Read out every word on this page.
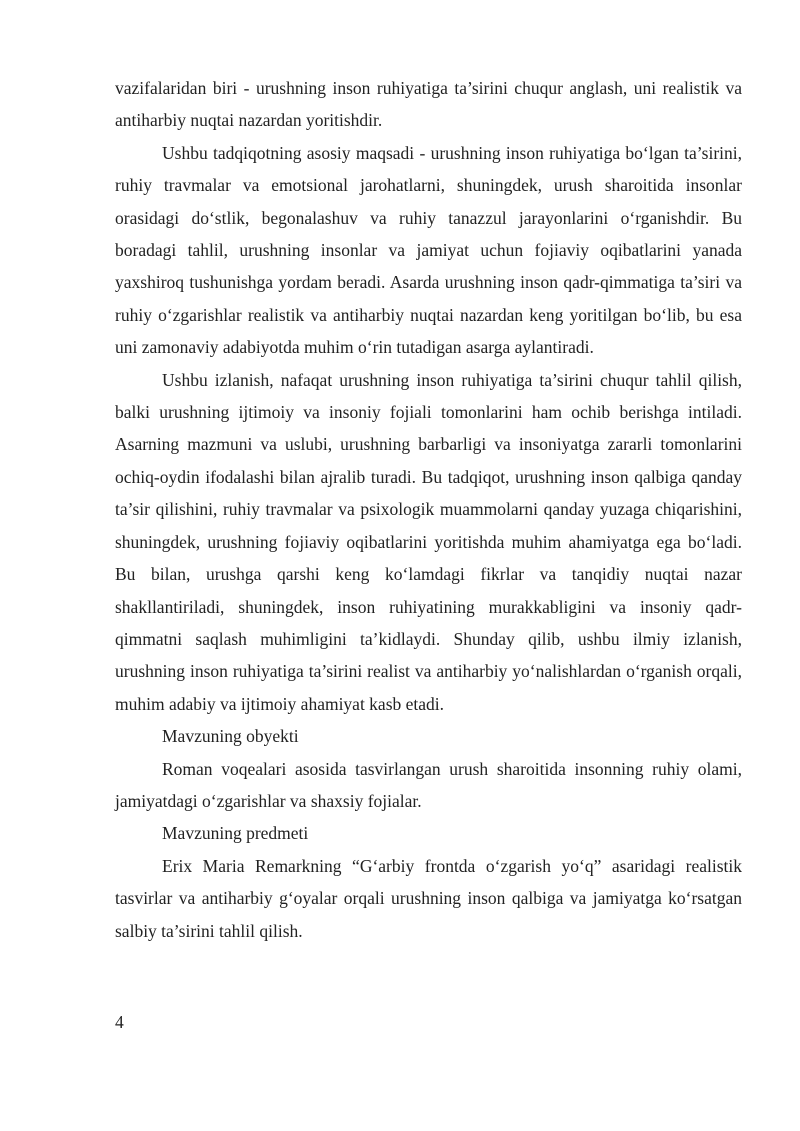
vazifalaridan biri - urushning inson ruhiyatiga ta’sirini chuqur anglash, uni realistik va antiharbiy nuqtai nazardan yoritishdir.

Ushbu tadqiqotning asosiy maqsadi - urushning inson ruhiyatiga boʻlgan ta’sirini, ruhiy travmalar va emotsional jarohatlarni, shuningdek, urush sharoitida insonlar orasidagi doʻstlik, begonalashuv va ruhiy tanazzul jarayonlarini oʻrganishdir. Bu boradagi tahlil, urushning insonlar va jamiyat uchun fojiaviy oqibatlarini yanada yaxshiroq tushunishga yordam beradi. Asarda urushning inson qadr-qimmatiga ta’siri va ruhiy oʻzgarishlar realistik va antiharbiy nuqtai nazardan keng yoritilgan boʻlib, bu esa uni zamonaviy adabiyotda muhim oʻrin tutadigan asarga aylantiradi.

Ushbu izlanish, nafaqat urushning inson ruhiyatiga ta’sirini chuqur tahlil qilish, balki urushning ijtimoiy va insoniy fojiali tomonlarini ham ochib berishga intiladi. Asarning mazmuni va uslubi, urushning barbarligi va insoniyatga zararli tomonlarini ochiq-oydin ifodalashi bilan ajralib turadi. Bu tadqiqot, urushning inson qalbiga qanday ta’sir qilishini, ruhiy travmalar va psixologik muammolarni qanday yuzaga chiqarishini, shuningdek, urushning fojiaviy oqibatlarini yoritishda muhim ahamiyatga ega boʻladi. Bu bilan, urushga qarshi keng koʻlamdagi fikrlar va tanqidiy nuqtai nazar shakllantiriladi, shuningdek, inson ruhiyatining murakkabligini va insoniy qadr-qimmatni saqlash muhimligini ta’kidlaydi. Shunday qilib, ushbu ilmiy izlanish, urushning inson ruhiyatiga ta’sirini realist va antiharbiy yoʻnalishlardan oʻrganish orqali, muhim adabiy va ijtimoiy ahamiyat kasb etadi.

Mavzuning obyekti

Roman voqealari asosida tasvirlangan urush sharoitida insonning ruhiy olami, jamiyatdagi oʻzgarishlar va shaxsiy fojialar.

Mavzuning predmeti

Erix Maria Remarkning “Gʻarbiy frontda oʻzgarish yoʻq” asaridagi realistik tasvirlar va antiharbiy gʻoyalar orqali urushning inson qalbiga va jamiyatga koʻrsatgan salbiy ta’sirini tahlil qilish.

4
